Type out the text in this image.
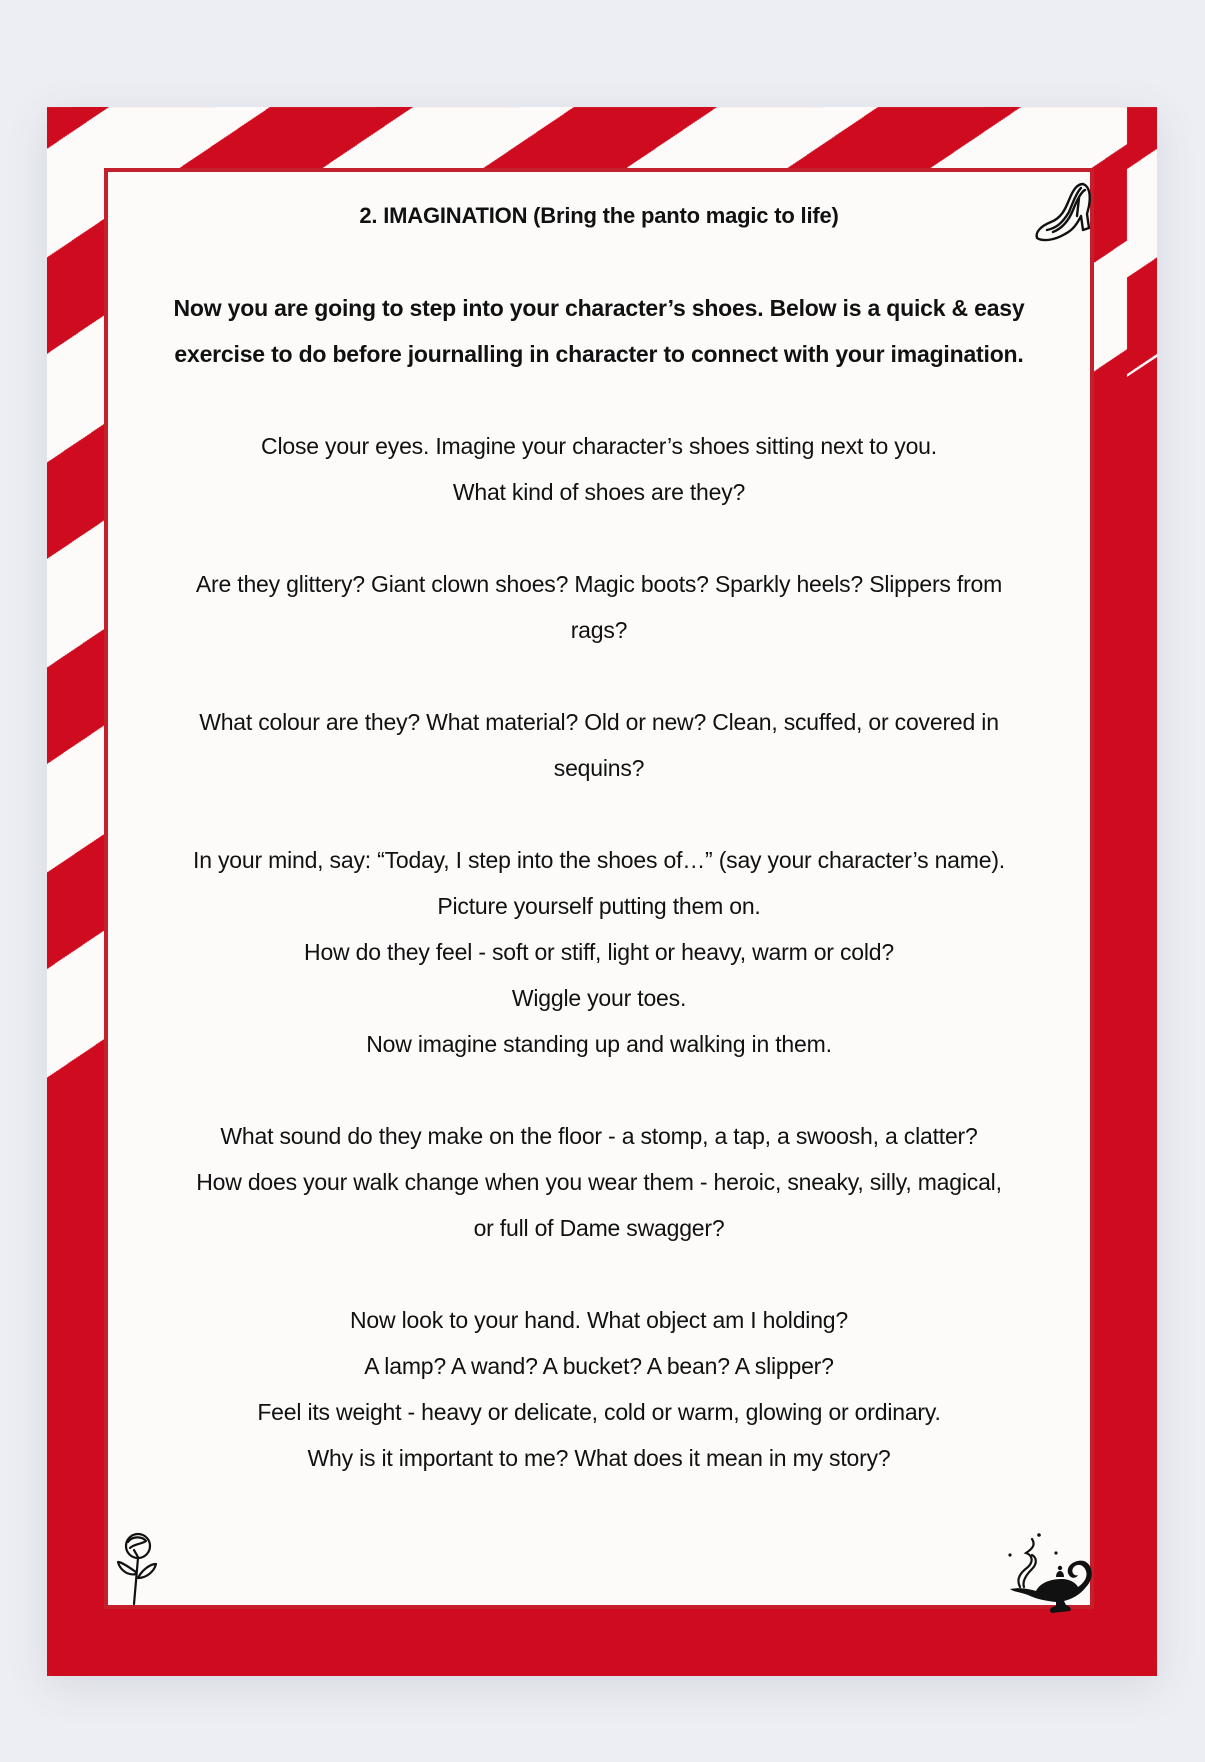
2. IMAGINATION (Bring the panto magic to life)
Now you are going to step into your character’s shoes. Below is a quick & easy
exercise to do before journalling in character to connect with your imagination.
Close your eyes. Imagine your character’s shoes sitting next to you.
What kind of shoes are they?
Are they glittery? Giant clown shoes? Magic boots? Sparkly heels? Slippers from
rags?
What colour are they? What material? Old or new? Clean, scuffed, or covered in
sequins?
In your mind, say: “Today, I step into the shoes of…” (say your character’s name).
Picture yourself putting them on.
How do they feel - soft or stiff, light or heavy, warm or cold?
Wiggle your toes.
Now imagine standing up and walking in them.
What sound do they make on the floor - a stomp, a tap, a swoosh, a clatter?
How does your walk change when you wear them - heroic, sneaky, silly, magical,
or full of Dame swagger?
Now look to your hand. What object am I holding?
A lamp? A wand? A bucket? A bean? A slipper?
Feel its weight - heavy or delicate, cold or warm, glowing or ordinary.
Why is it important to me? What does it mean in my story?
